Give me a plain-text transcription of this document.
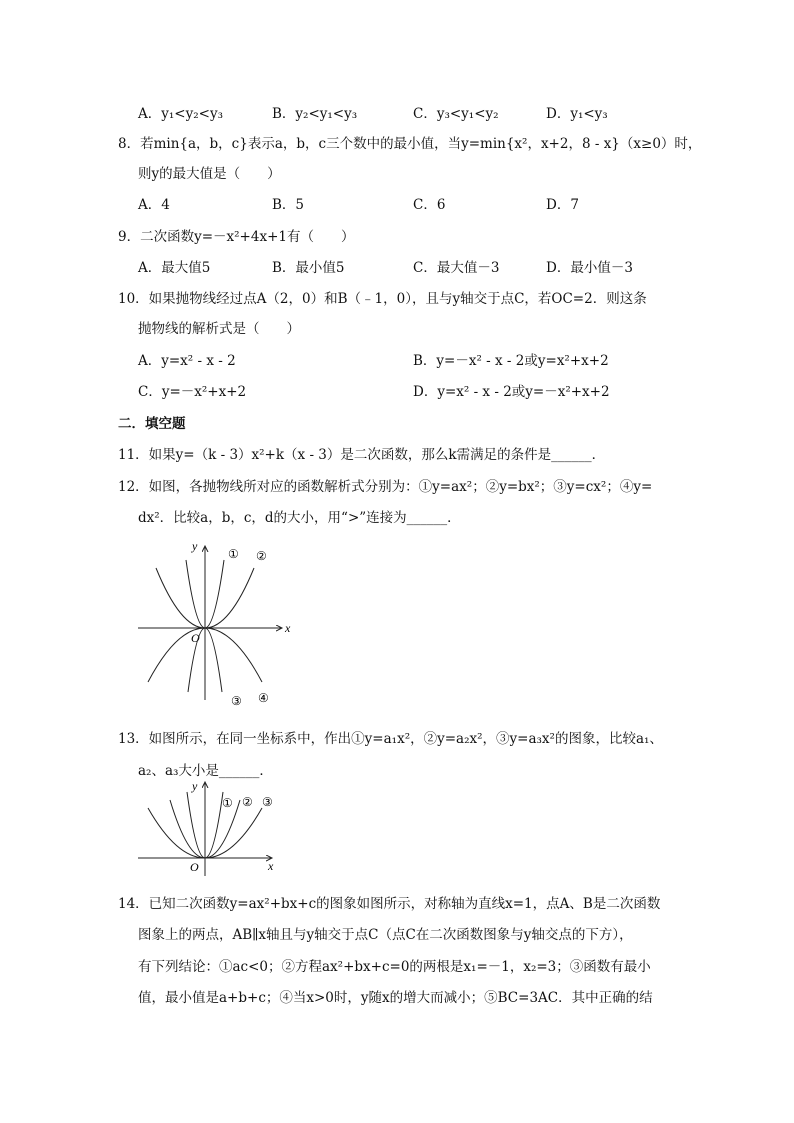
A．y₁<y₂<y₃	B．y₂<y₁<y₃	C．y₃<y₁<y₂	D．y₁<y₃
8．若min{a，b，c}表示a，b，c三个数中的最小值，当y=min{x²，x+2，8 - x}（x≥0）时，
则y的最大值是（　　）
A．4	B．5	C．6	D．7
9．二次函数y=－x²+4x+1有（　　）
A．最大值5	B．最小值5	C．最大值－3	D．最小值－3
10．如果抛物线经过点A（2，0）和B（﹣1，0），且与y轴交于点C，若OC=2．则这条
抛物线的解析式是（　　）
A．y=x² - x - 2	B．y=－x² - x - 2或y=x²+x+2
C．y=－x²+x+2	D．y=x² - x - 2或y=－x²+x+2
二．填空题
11．如果y=（k - 3）x²+k（x - 3）是二次函数，那么k需满足的条件是______．
12．如图，各抛物线所对应的函数解析式分别为：①y=ax²；②y=bx²；③y=cx²；④y=
dx²．比较a，b，c，d的大小，用“>”连接为______．
x
y
O
① ②
③ ④
13．如图所示，在同一坐标系中，作出①y=a₁x²，②y=a₂x²，③y=a₃x²的图象，比较a₁、
a₂、a₃大小是______．
x
y
O
① ② ③
14．已知二次函数y=ax²+bx+c的图象如图所示，对称轴为直线x=1，点A、B是二次函数
图象上的两点，AB∥x轴且与y轴交于点C（点C在二次函数图象与y轴交点的下方），
有下列结论：①ac<0；②方程ax²+bx+c=0的两根是x₁=－1，x₂=3；③函数有最小
值，最小值是a+b+c；④当x>0时，y随x的增大而减小；⑤BC=3AC．其中正确的结
